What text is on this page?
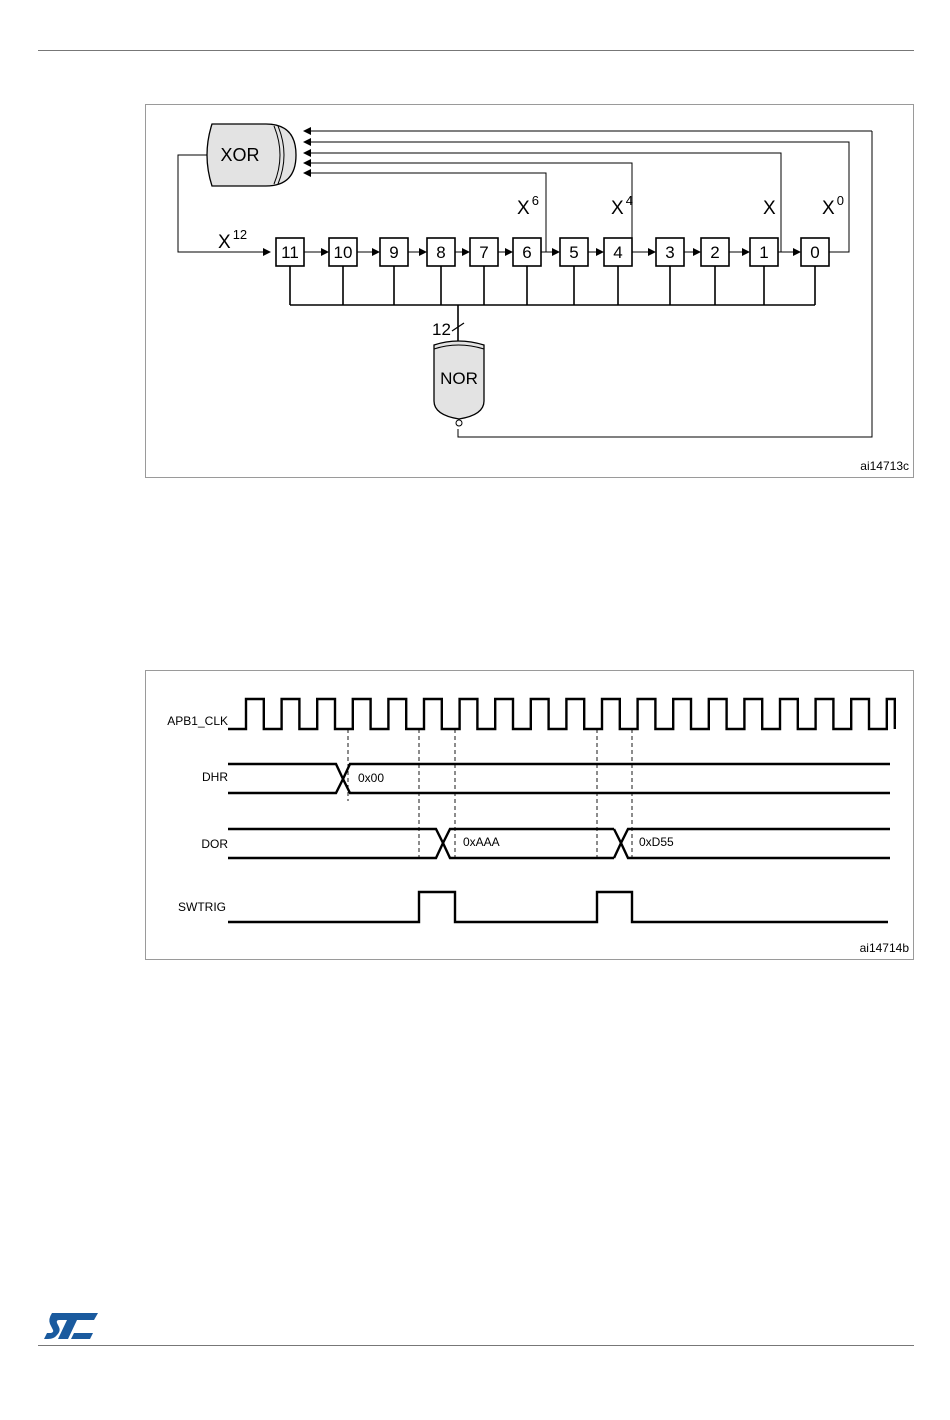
XOR
X $^{12}$
X $^6$	X $^4$	X X $^0$
11 10 9 8 7 6 5 4	3 2 1 0
12
NOR
ai14713c
APB1_CLK
DHR
DOR
SWTRIG
0x00
0xAAA	0xD55
ai14714b
